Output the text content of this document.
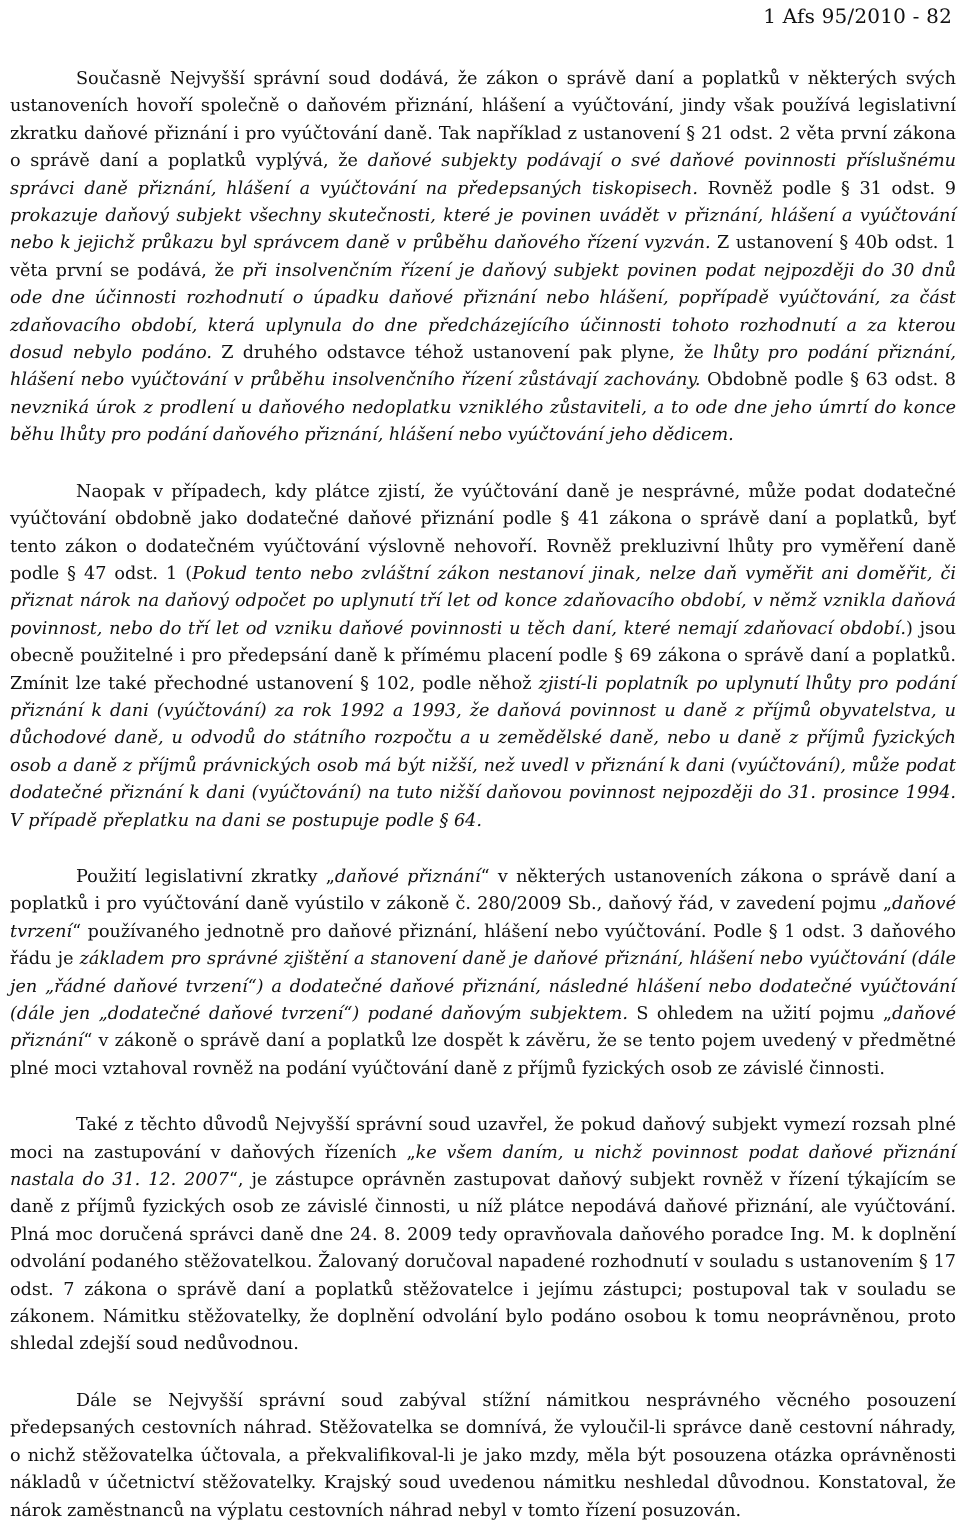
1 Afs 95/2010 - 82

Současně Nejvyšší správní soud dodává, že zákon o správě daní a poplatků v některých svých ustanoveních hovoří společně o daňovém přiznání, hlášení a vyúčtování, jindy však používá legislativní zkratku daňové přiznání i pro vyúčtování daně. Tak například z ustanovení § 21 odst. 2 věta první zákona o správě daní a poplatků vyplývá, že daňové subjekty podávají o své daňové povinnosti příslušnému správci daně přiznání, hlášení a vyúčtování na předepsaných tiskopisech. Rovněž podle § 31 odst. 9 prokazuje daňový subjekt všechny skutečnosti, které je povinen uvádět v přiznání, hlášení a vyúčtování nebo k jejichž průkazu byl správcem daně v průběhu daňového řízení vyzván. Z ustanovení § 40b odst. 1 věta první se podává, že při insolvenčním řízení je daňový subjekt povinen podat nejpozději do 30 dnů ode dne účinnosti rozhodnutí o úpadku daňové přiznání nebo hlášení, popřípadě vyúčtování, za část zdaňovacího období, která uplynula do dne předcházejícího účinnosti tohoto rozhodnutí a za kterou dosud nebylo podáno. Z druhého odstavce téhož ustanovení pak plyne, že lhůty pro podání přiznání, hlášení nebo vyúčtování v průběhu insolvenčního řízení zůstávají zachovány. Obdobně podle § 63 odst. 8 nevzniká úrok z prodlení u daňového nedoplatku vzniklého zůstaviteli, a to ode dne jeho úmrtí do konce běhu lhůty pro podání daňového přiznání, hlášení nebo vyúčtování jeho dědicem.

Naopak v případech, kdy plátce zjistí, že vyúčtování daně je nesprávné, může podat dodatečné vyúčtování obdobně jako dodatečné daňové přiznání podle § 41 zákona o správě daní a poplatků, byť tento zákon o dodatečném vyúčtování výslovně nehovoří. Rovněž prekluzivní lhůty pro vyměření daně podle § 47 odst. 1 (Pokud tento nebo zvláštní zákon nestanoví jinak, nelze daň vyměřit ani doměřit, či přiznat nárok na daňový odpočet po uplynutí tří let od konce zdaňovacího období, v němž vznikla daňová povinnost, nebo do tří let od vzniku daňové povinnosti u těch daní, které nemají zdaňovací období.) jsou obecně použitelné i pro předepsání daně k přímému placení podle § 69 zákona o správě daní a poplatků. Zmínit lze také přechodné ustanovení § 102, podle něhož zjistí-li poplatník po uplynutí lhůty pro podání přiznání k dani (vyúčtování) za rok 1992 a 1993, že daňová povinnost u daně z příjmů obyvatelstva, u důchodové daně, u odvodů do státního rozpočtu a u zemědělské daně, nebo u daně z příjmů fyzických osob a daně z příjmů právnických osob má být nižší, než uvedl v přiznání k dani (vyúčtování), může podat dodatečné přiznání k dani (vyúčtování) na tuto nižší daňovou povinnost nejpozději do 31. prosince 1994. V případě přeplatku na dani se postupuje podle § 64.

Použití legislativní zkratky „daňové přiznání“ v některých ustanoveních zákona o správě daní a poplatků i pro vyúčtování daně vyústilo v zákoně č. 280/2009 Sb., daňový řád, v zavedení pojmu „daňové tvrzení“ používaného jednotně pro daňové přiznání, hlášení nebo vyúčtování. Podle § 1 odst. 3 daňového řádu je základem pro správné zjištění a stanovení daně je daňové přiznání, hlášení nebo vyúčtování (dále jen „řádné daňové tvrzení“) a dodatečné daňové přiznání, následné hlášení nebo dodatečné vyúčtování (dále jen „dodatečné daňové tvrzení“) podané daňovým subjektem. S ohledem na užití pojmu „daňové přiznání“ v zákoně o správě daní a poplatků lze dospět k závěru, že se tento pojem uvedený v předmětné plné moci vztahoval rovněž na podání vyúčtování daně z příjmů fyzických osob ze závislé činnosti.

Také z těchto důvodů Nejvyšší správní soud uzavřel, že pokud daňový subjekt vymezí rozsah plné moci na zastupování v daňových řízeních „ke všem daním, u nichž povinnost podat daňové přiznání nastala do 31. 12. 2007“, je zástupce oprávněn zastupovat daňový subjekt rovněž v řízení týkajícím se daně z příjmů fyzických osob ze závislé činnosti, u níž plátce nepodává daňové přiznání, ale vyúčtování. Plná moc doručená správci daně dne 24. 8. 2009 tedy opravňovala daňového poradce Ing. M. k doplnění odvolání podaného stěžovatelkou. Žalovaný doručoval napadené rozhodnutí v souladu s ustanovením § 17 odst. 7 zákona o správě daní a poplatků stěžovatelce i jejímu zástupci; postupoval tak v souladu se zákonem. Námitku stěžovatelky, že doplnění odvolání bylo podáno osobou k tomu neoprávněnou, proto shledal zdejší soud nedůvodnou.

Dále se Nejvyšší správní soud zabýval stížní námitkou nesprávného věcného posouzení předepsaných cestovních náhrad. Stěžovatelka se domnívá, že vyloučil-li správce daně cestovní náhrady, o nichž stěžovatelka účtovala, a překvalifikoval-li je jako mzdy, měla být posouzena otázka oprávněnosti nákladů v účetnictví stěžovatelky. Krajský soud uvedenou námitku neshledal důvodnou. Konstatoval, že nárok zaměstnanců na výplatu cestovních náhrad nebyl v tomto řízení posuzován.
